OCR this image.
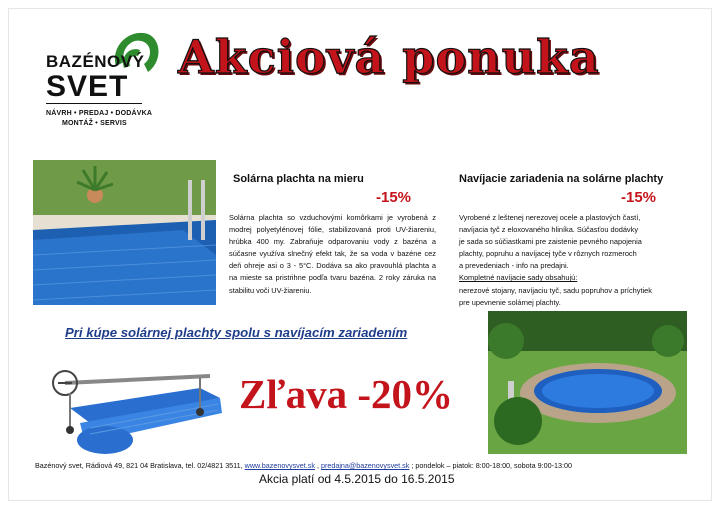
BAZÉNOVÝ
SVET
NÁVRH • PREDAJ • DODÁVKA
MONTÁŽ • SERVIS
Akciová ponuka
Solárna plachta na mieru
-15%
Solárna plachta so vzduchovými komôrkami je vyrobená z modrej polyetylénovej fólie, stabilizovaná proti UV-žiareniu, hrúbka 400 my. Zabraňuje odparovaniu vody z bazéna a súčasne využíva slnečný efekt tak, že sa voda v bazéne cez deň ohreje asi o 3 - 5°C. Dodáva sa ako pravouhlá plachta a na mieste sa pristrihne podľa tvaru bazéna. 2 roky záruka na stabilitu voči UV-žiareniu.
Navíjacie zariadenia na solárne plachty
-15%
Vyrobené z leštenej nerezovej ocele a plastových častí,
navíjacia tyč z eloxovaného hliníka. Súčasťou dodávky
je sada so súčiastkami pre zaistenie pevného napojenia
plachty, popruhu a navíjacej tyče v rôznych rozmeroch
a prevedeniach - info na predajni.
Kompletné navíjacie sady obsahujú:
nerezové stojany, navíjaciu tyč, sadu popruhov a príchytiek
pre upevnenie solárnej plachty.
Pri kúpe solárnej plachty spolu s navíjacím zariadením
Zľava -20%
Bazénový svet, Rádiová 49, 821 04 Bratislava, tel. 02/4821 3511, www.bazenovysvet.sk , predajna@bazenovysvet.sk ; pondelok – piatok: 8:00-18:00, sobota 9:00-13:00
Akcia platí od 4.5.2015 do 16.5.2015
